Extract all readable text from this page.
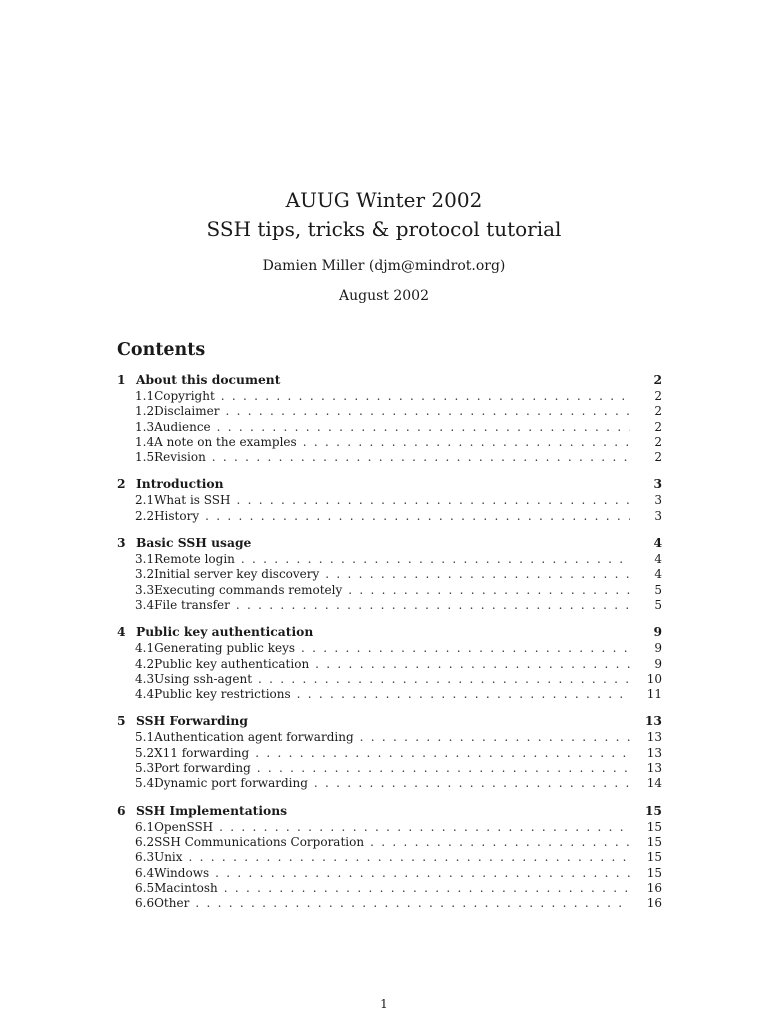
AUUG Winter 2002
SSH tips, tricks & protocol tutorial
Damien Miller (djm@mindrot.org)
August 2002
Contents
1 About this document	2
1.1 Copyright . . .	2
1.2 Disclaimer . . .	2
1.3 Audience . . .	2
1.4 A note on the examples . . .	2
1.5 Revision . . .	2
2 Introduction	3
2.1 What is SSH . . .	3
2.2 History . . .	3
3 Basic SSH usage	4
3.1 Remote login . . .	4
3.2 Initial server key discovery . . .	4
3.3 Executing commands remotely . . .	5
3.4 File transfer . . .	5
4 Public key authentication	9
4.1 Generating public keys . . .	9
4.2 Public key authentication . . .	9
4.3 Using ssh-agent . . .	10
4.4 Public key restrictions . . .	11
5 SSH Forwarding	13
5.1 Authentication agent forwarding . . .	13
5.2 X11 forwarding . . .	13
5.3 Port forwarding . . .	13
5.4 Dynamic port forwarding . . .	14
6 SSH Implementations	15
6.1 OpenSSH . . .	15
6.2 SSH Communications Corporation . . .	15
6.3 Unix . . .	15
6.4 Windows . . .	15
6.5 Macintosh . . .	16
6.6 Other . . .	16
1
